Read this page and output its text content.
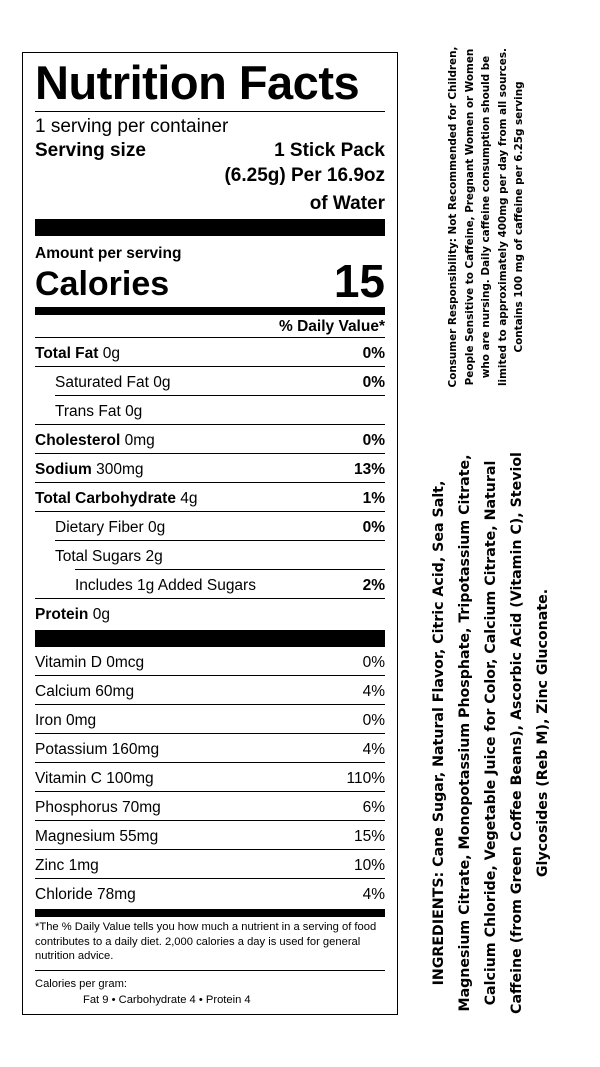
Nutrition Facts
1 serving per container
Serving size	1 Stick Pack
(6.25g) Per 16.9oz
of Water
Amount per serving
Calories	15
% Daily Value*
Total Fat 0g	0%
Saturated Fat 0g	0%
Trans Fat 0g
Cholesterol 0mg	0%
Sodium 300mg	13%
Total Carbohydrate 4g	1%
Dietary Fiber 0g	0%
Total Sugars 2g
Includes 1g Added Sugars	2%
Protein 0g
Vitamin D 0mcg	0%
Calcium 60mg	4%
Iron 0mg	0%
Potassium 160mg	4%
Vitamin C 100mg	110%
Phosphorus 70mg	6%
Magnesium 55mg	15%
Zinc 1mg	10%
Chloride 78mg	4%
*The % Daily Value tells you how much a nutrient in a serving of food contributes to a daily diet. 2,000 calories a day is used for general nutrition advice.
Calories per gram:
Fat 9 • Carbohydrate 4 • Protein 4
Consumer Responsibility: Not Recommended for Children, People Sensitive to Caffeine, Pregnant Women or Women who are nursing. Daily caffeine consumption should be limited to approximately 400mg per day from all sources. Contains 100 mg of caffeine per 6.25g serving
INGREDIENTS: Cane Sugar, Natural Flavor, Citric Acid, Sea Salt, Magnesium Citrate, Monopotassium Phosphate, Tripotassium Citrate, Calcium Chloride, Vegetable Juice for Color, Calcium Citrate, Natural Caffeine (from Green Coffee Beans), Ascorbic Acid (Vitamin C), Steviol Glycosides (Reb M), Zinc Gluconate.
